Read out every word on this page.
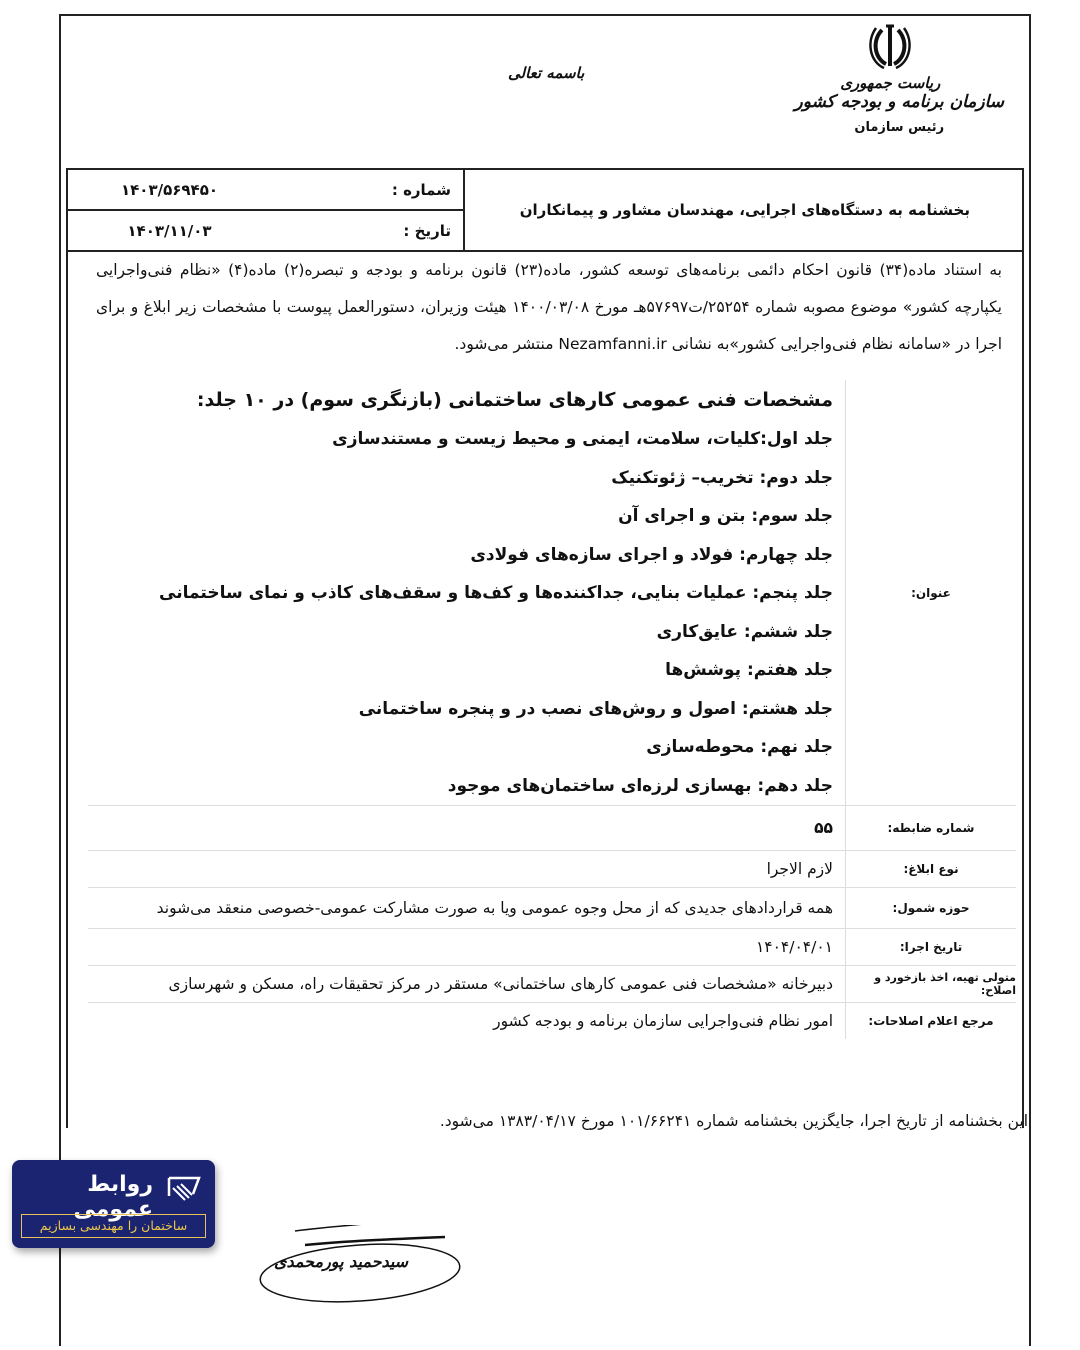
ریاست جمهوری
سازمان برنامه و بودجه کشور
رئیس سازمان
باسمه تعالی
بخشنامه به دستگاه‌های اجرایی، مهندسان مشاور و پیمانکاران
شماره :
۱۴۰۳/۵۶۹۴۵۰
تاریخ :
۱۴۰۳/۱۱/۰۳
به استناد ماده(۳۴) قانون احکام دائمی برنامه‌های توسعه کشور، ماده(۲۳) قانون برنامه و بودجه و تبصره(۲) ماده(۴) «نظام فنی‌واجرایی یکپارچه کشور» موضوع مصوبه شماره ۲۵۲۵۴/ت۵۷۶۹۷هـ مورخ ۱۴۰۰/۰۳/۰۸ هیئت وزیران، دستورالعمل پیوست با مشخصات زیر ابلاغ و برای اجرا در «سامانه نظام فنی‌واجرایی کشور»به نشانی Nezamfanni.ir منتشر می‌شود.
عنوان:
مشخصات فنی عمومی کارهای ساختمانی (بازنگری سوم) در ۱۰ جلد:
جلد اول:کلیات، سلامت، ایمنی و محیط زیست و مستندسازی
جلد دوم: تخریب– ژئوتکنیک
جلد سوم: بتن و اجرای آن
جلد چهارم: فولاد و اجرای سازه‌های فولادی
جلد پنجم: عملیات بنایی، جداکننده‌ها و کف‌ها و سقف‌های کاذب و نمای ساختمانی
جلد ششم: عایق‌کاری
جلد هفتم: پوشش‌ها
جلد هشتم: اصول و روش‌های نصب در و پنجره ساختمانی
جلد نهم: محوطه‌سازی
جلد دهم: بهسازی لرزه‌ای ساختمان‌های موجود
شماره ضابطه:
۵۵
نوع ابلاغ:
لازم الاجرا
حوزه شمول:
همه قراردادهای جدیدی که از محل وجوه عمومی ویا به صورت مشارکت عمومی-خصوصی منعقد می‌شوند
تاریخ اجرا:
۱۴۰۴/۰۴/۰۱
متولی تهیه، اخذ بازخورد و اصلاح:
دبیرخانه «مشخصات فنی عمومی کارهای ساختمانی» مستقر در مرکز تحقیقات راه، مسکن و شهرسازی
مرجع اعلام اصلاحات:
امور نظام فنی‌واجرایی سازمان برنامه و بودجه کشور
این بخشنامه از تاریخ اجرا، جایگزین بخشنامه شماره ۱۰۱/۶۶۲۴۱ مورخ ۱۳۸۳/۰۴/۱۷ می‌شود.
سیدحمید پورمحمدی
روابط عمومی
ساختمان را مهندسی بسازیم
